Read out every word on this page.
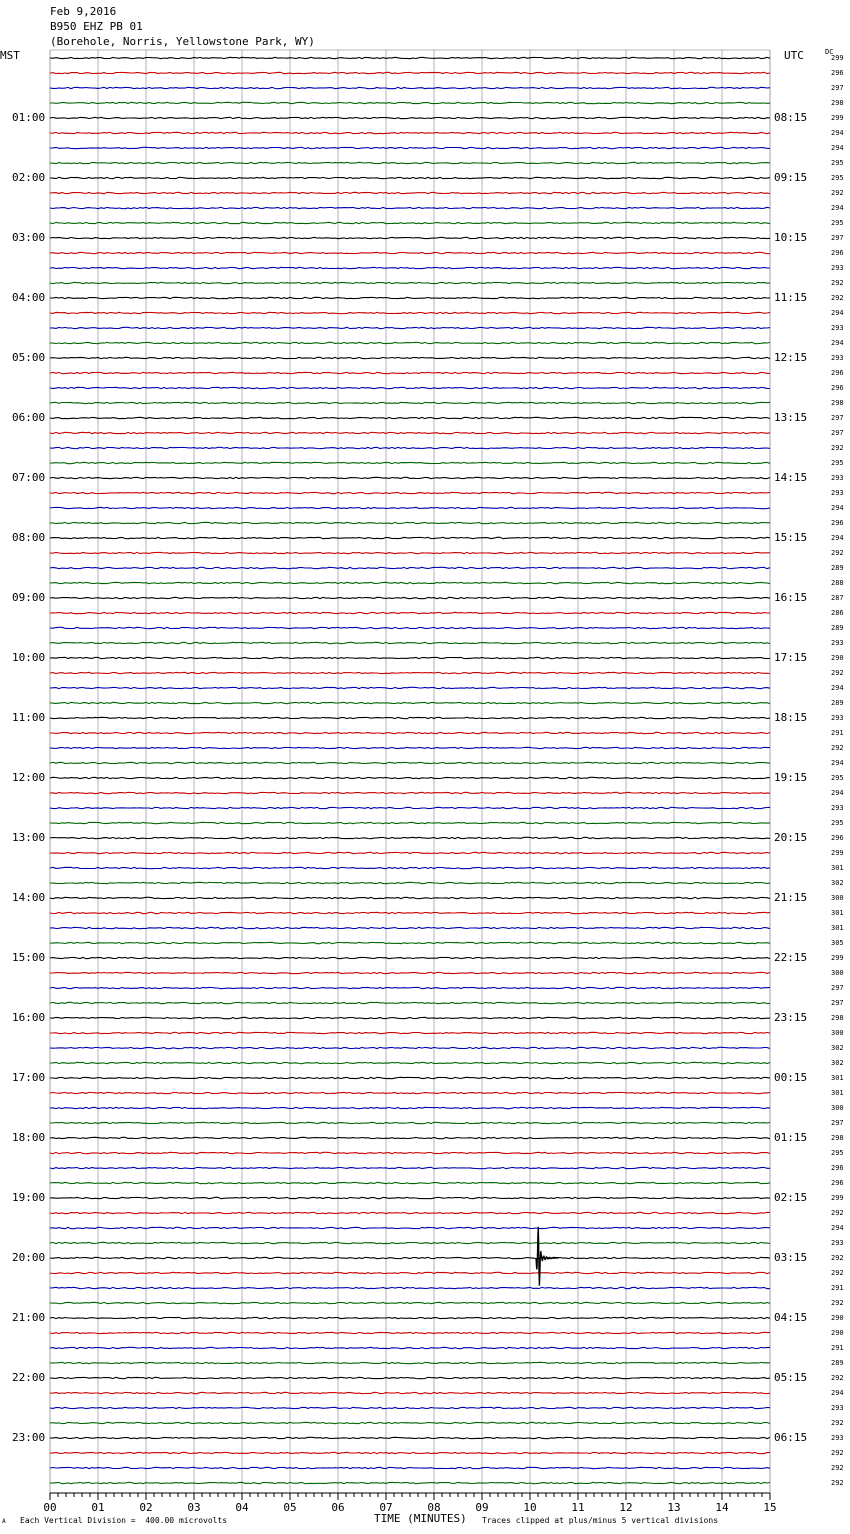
Feb 9,2016
B950 EHZ PB 01
(Borehole, Norris, Yellowstone Park, WY)
MST	UTC	DC
00	01	02	03	04	05	06	07	08	09	10	11	12	13	14	15
01:00
02:00
03:00
04:00
05:00
06:00
07:00
08:00
09:00
10:00
11:00
12:00
13:00
14:00
15:00
16:00
17:00
18:00
19:00
20:00
21:00
22:00
23:00
08:15
09:15
10:15
11:15
12:15
13:15
14:15
15:15
16:15
17:15
18:15
19:15
20:15
21:15
22:15
23:15
00:15
01:15
02:15
03:15
04:15
05:15
06:15
299
296
297
298
299
294
294
295
295
292
294
295
297
296
293
292
292
294
293
294
293
296
296
298
297
297
292
295
293
293
294
296
294
292
289
288
287
286
289
293
290
292
294
289
293
291
292
294
295
294
293
295
296
299
301
302
300
301
301
305
299
300
297
297
298
300
302
302
301
301
300
297
298
295
296
296
299
292
294
293
292
292
291
292
290
290
291
289
292
294
293
292
293
292
292
292
TIME (MINUTES)
Each Vertical Division =  400.00 microvolts	Traces clipped at plus/minus 5 vertical divisions
A
